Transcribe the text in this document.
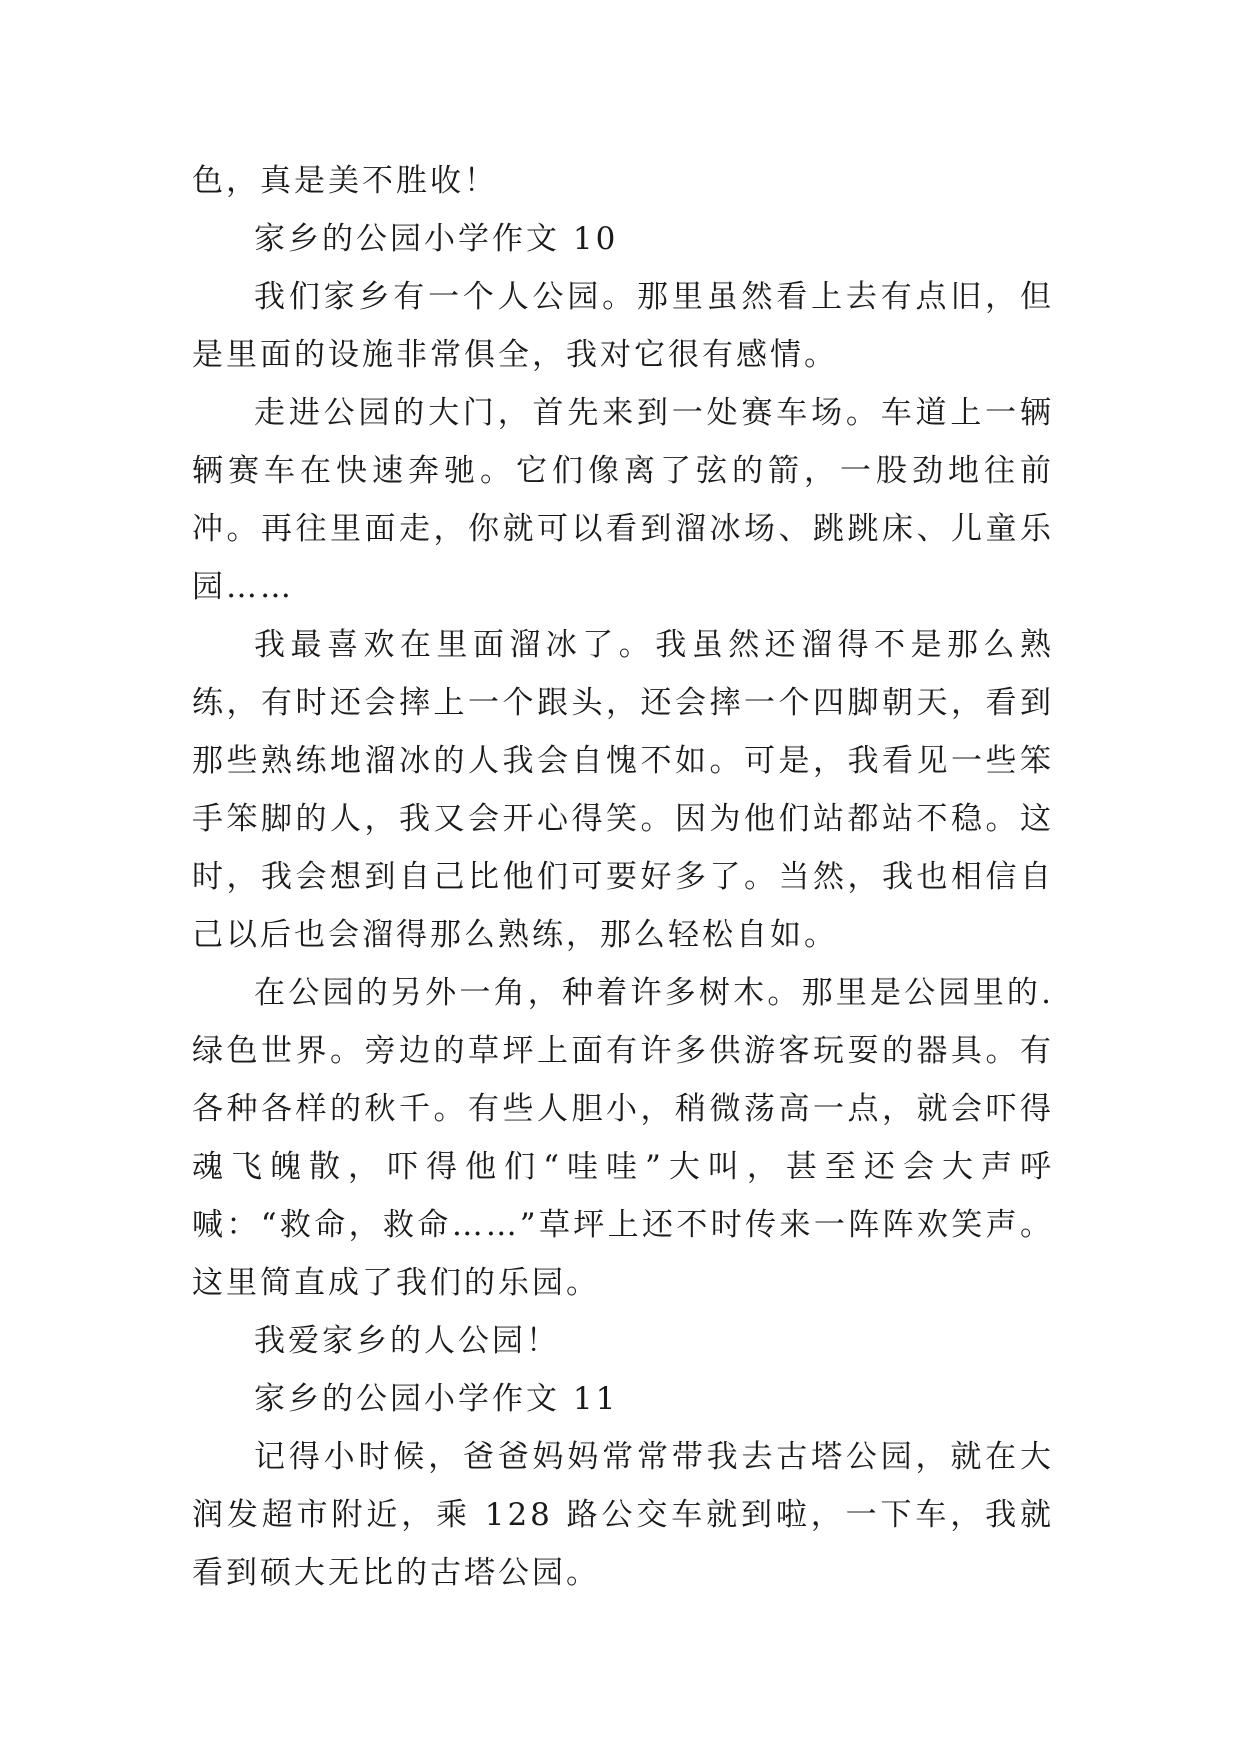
色，真是美不胜收！

家乡的公园小学作文 10

我们家乡有一个人公园。那里虽然看上去有点旧，但是里面的设施非常俱全，我对它很有感情。

走进公园的大门，首先来到一处赛车场。车道上一辆辆赛车在快速奔驰。它们像离了弦的箭，一股劲地往前冲。再往里面走，你就可以看到溜冰场、跳跳床、儿童乐园……

我最喜欢在里面溜冰了。我虽然还溜得不是那么熟练，有时还会摔上一个跟头，还会摔一个四脚朝天，看到那些熟练地溜冰的人我会自愧不如。可是，我看见一些笨手笨脚的人，我又会开心得笑。因为他们站都站不稳。这时，我会想到自己比他们可要好多了。当然，我也相信自己以后也会溜得那么熟练，那么轻松自如。

在公园的另外一角，种着许多树木。那里是公园里的.绿色世界。旁边的草坪上面有许多供游客玩耍的器具。有各种各样的秋千。有些人胆小，稍微荡高一点，就会吓得魂飞魄散，吓得他们“哇哇”大叫，甚至还会大声呼喊：“救命，救命……”草坪上还不时传来一阵阵欢笑声。这里简直成了我们的乐园。

我爱家乡的人公园！

家乡的公园小学作文 11

记得小时候，爸爸妈妈常常带我去古塔公园，就在大润发超市附近，乘 128 路公交车就到啦，一下车，我就看到硕大无比的古塔公园。
